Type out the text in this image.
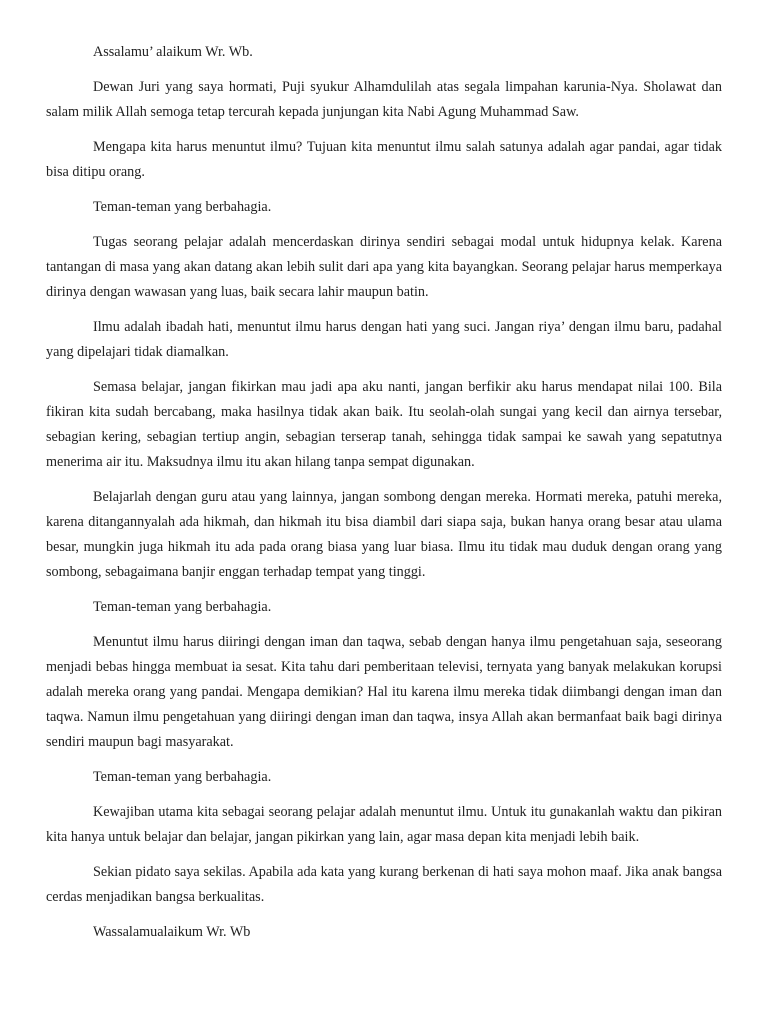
Assalamu’ alaikum Wr. Wb.

Dewan Juri yang saya hormati, Puji syukur Alhamdulilah atas segala limpahan karunia-Nya. Sholawat dan salam milik Allah semoga tetap tercurah kepada junjungan kita Nabi Agung Muhammad Saw.

Mengapa kita harus menuntut ilmu? Tujuan kita menuntut ilmu salah satunya adalah agar pandai, agar tidak bisa ditipu orang.

Teman-teman yang berbahagia.

Tugas seorang pelajar adalah mencerdaskan dirinya sendiri sebagai modal untuk hidupnya kelak. Karena tantangan di masa yang akan datang akan lebih sulit dari apa yang kita bayangkan. Seorang pelajar harus memperkaya dirinya dengan wawasan yang luas, baik secara lahir maupun batin.

Ilmu adalah ibadah hati, menuntut ilmu harus dengan hati yang suci. Jangan riya’ dengan ilmu baru, padahal yang dipelajari tidak diamalkan.

Semasa belajar, jangan fikirkan mau jadi apa aku nanti, jangan berfikir aku harus mendapat nilai 100. Bila fikiran kita sudah bercabang, maka hasilnya tidak akan baik. Itu seolah-olah sungai yang kecil dan airnya tersebar, sebagian kering, sebagian tertiup angin, sebagian terserap tanah, sehingga tidak sampai ke sawah yang sepatutnya menerima air itu. Maksudnya ilmu itu akan hilang tanpa sempat digunakan.

Belajarlah dengan guru atau yang lainnya, jangan sombong dengan mereka. Hormati mereka, patuhi mereka, karena ditangannyalah ada hikmah, dan hikmah itu bisa diambil dari siapa saja, bukan hanya orang besar atau ulama besar, mungkin juga hikmah itu ada pada orang biasa yang luar biasa. Ilmu itu tidak mau duduk dengan orang yang sombong, sebagaimana banjir enggan terhadap tempat yang tinggi.

Teman-teman yang berbahagia.

Menuntut ilmu harus diiringi dengan iman dan taqwa, sebab dengan hanya ilmu pengetahuan saja, seseorang menjadi bebas hingga membuat ia sesat. Kita tahu dari pemberitaan televisi, ternyata yang banyak melakukan korupsi adalah mereka orang yang pandai. Mengapa demikian? Hal itu karena ilmu mereka tidak diimbangi dengan iman dan taqwa. Namun ilmu pengetahuan yang diiringi dengan iman dan taqwa, insya Allah akan bermanfaat baik bagi dirinya sendiri maupun bagi masyarakat.

Teman-teman yang berbahagia.

Kewajiban utama kita sebagai seorang pelajar adalah menuntut ilmu. Untuk itu gunakanlah waktu dan pikiran kita hanya untuk belajar dan belajar, jangan pikirkan yang lain, agar masa depan kita menjadi lebih baik.

Sekian pidato saya sekilas. Apabila ada kata yang kurang berkenan di hati saya mohon maaf. Jika anak bangsa cerdas menjadikan bangsa berkualitas.

Wassalamualaikum Wr. Wb
